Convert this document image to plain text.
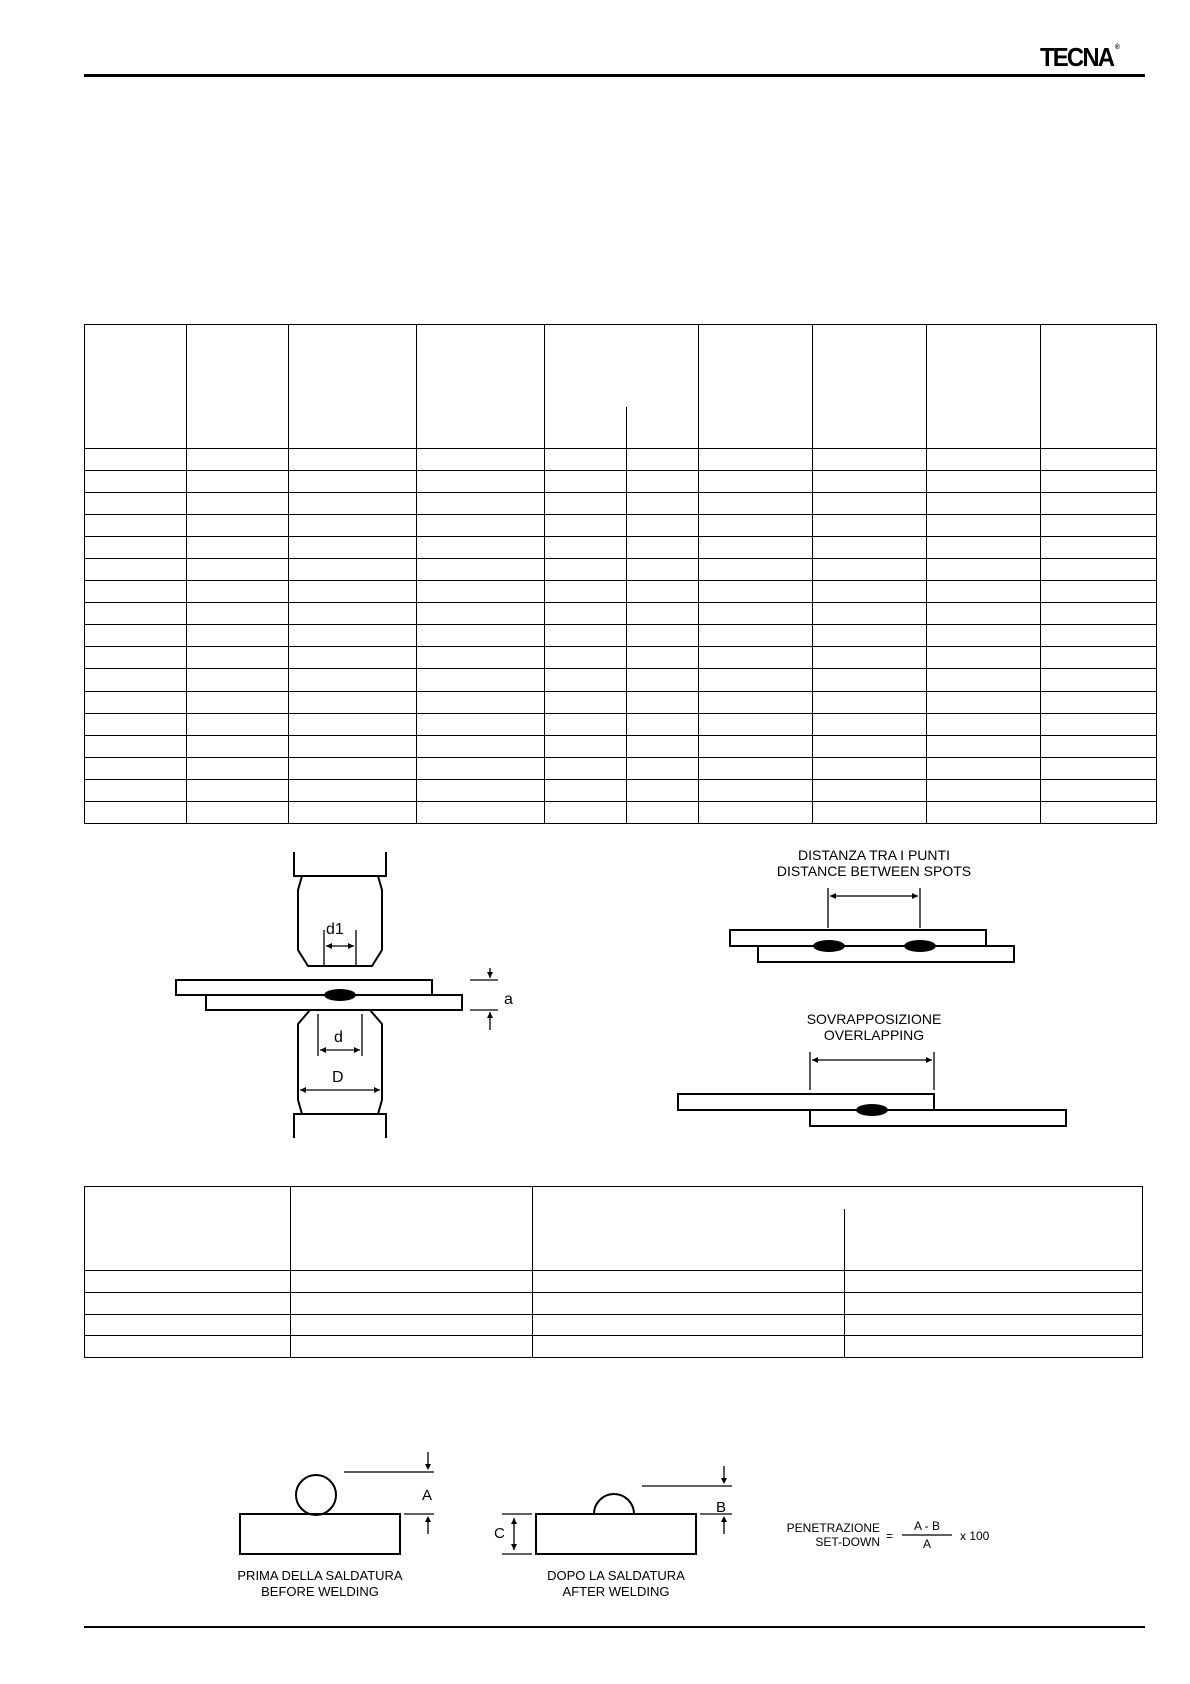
TECNA ®

d1
d
D
a
DISTANZA TRA I PUNTI
DISTANCE BETWEEN SPOTS
SOVRAPPOSIZIONE
OVERLAPPING
A
B
C
PRIMA DELLA SALDATURA
BEFORE WELDING
DOPO LA SALDATURA
AFTER WELDING
PENETRAZIONE
SET-DOWN =
A - B
A
x 100
